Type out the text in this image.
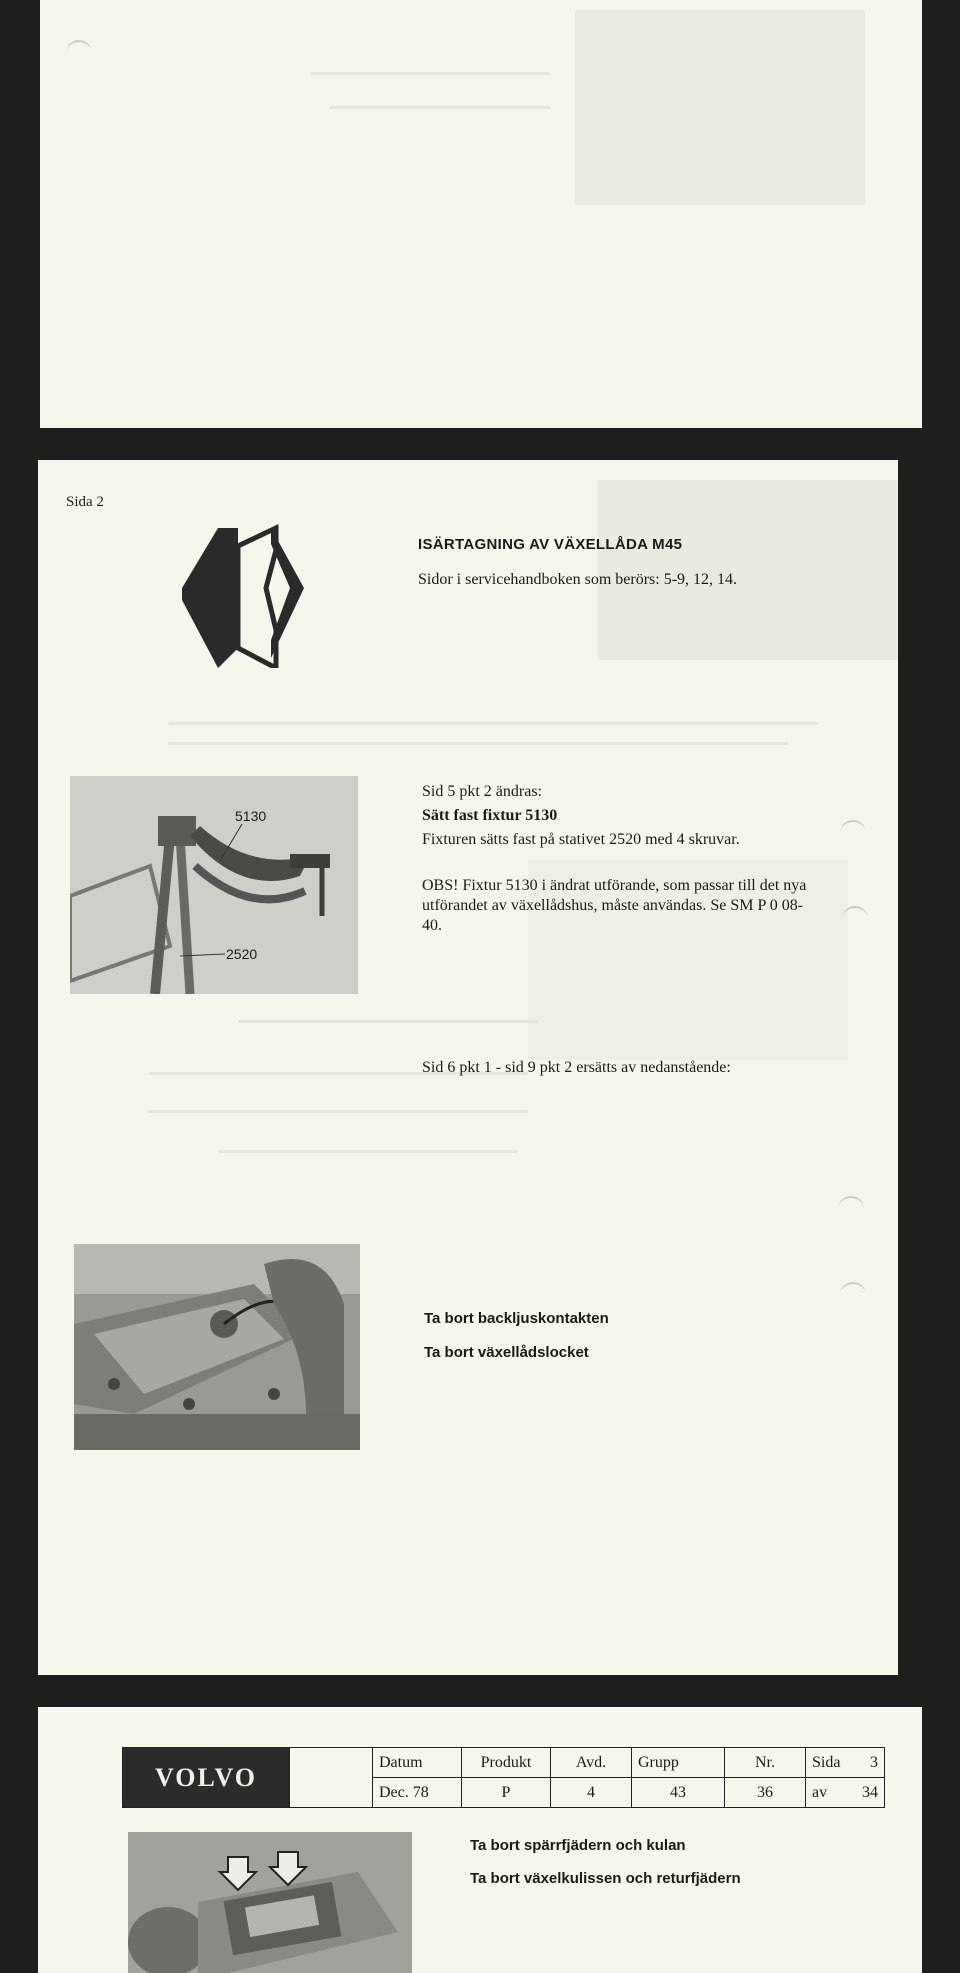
Sida 2
ISÄRTAGNING AV VÄXELLÅDA M45
Sidor i servicehandboken som berörs: 5-9, 12, 14.
5130
2520
Sid 5 pkt 2 ändras:
Sätt fast fixtur 5130
Fixturen sätts fast på stativet 2520 med 4 skruvar.
OBS! Fixtur 5130 i ändrat utförande, som passar till det nya utförandet av växellådshus, måste användas. Se SM P 0 08-40.
Sid 6 pkt 1 - sid 9 pkt 2 ersätts av nedanstående:
Ta bort backljuskontakten
Ta bort växellådslocket
VOLVO		Datum	Produkt	Avd.	Grupp	Nr.	Sida 3

		Dec. 78	P	4	43	36	av 34
Ta bort spärrfjädern och kulan
Ta bort växelkulissen och returfjädern
